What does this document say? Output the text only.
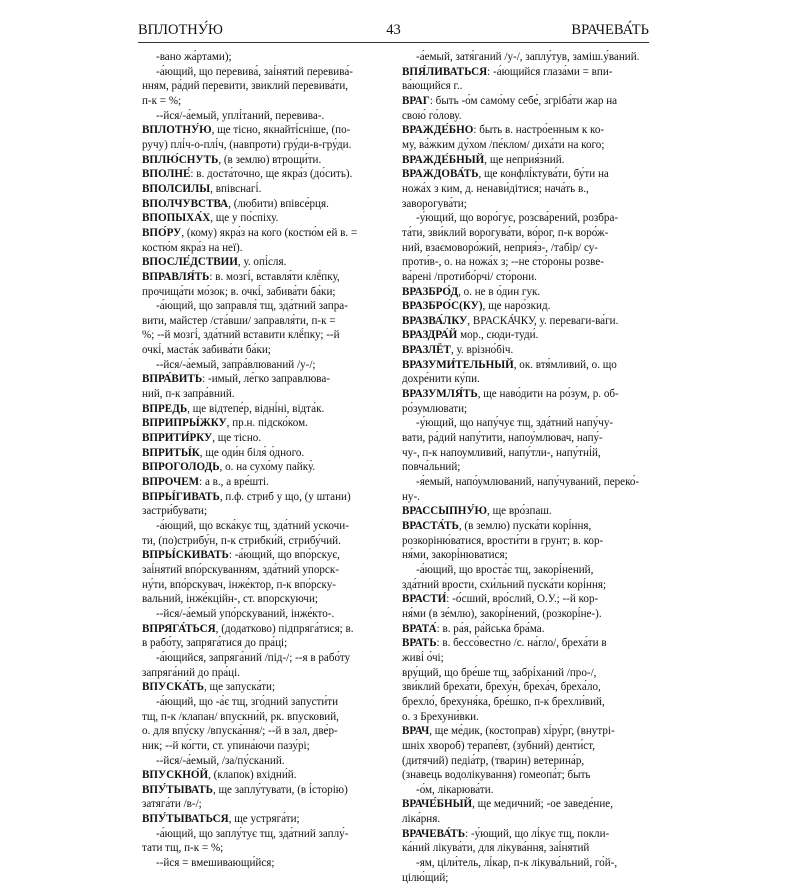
ВПЛОТНУ́Ю	43	ВРАЧЕВА́ТЬ
-вано жа́ртами);
-а́ющий, що перевива́, заі́нятий перевива́-
нням, ра́дий перевити, звиклий перевива́ти,
п-к = %;
--йся/-а́емый, уплі́таний, перевива-.
ВПЛОТНУ́Ю, ще тісно, якнайті́сніше, (по-
ручу) плі́ч-о-плі́ч, (навпроти) гру́ди-в-гру́ди.
ВПЛЮ́СНУТЬ, (в землю) втрощи́ти.
ВПОЛНЕ́: в. доста́точно, ще якра́з (до́сить).
ВПОЛСИЛЫ, впівснагі́.
ВПОЛЧУВСТВА, (любити) впівсе́рця.
ВПОПЫХА́Х, ще у по́спіху.
ВПО́РУ, (кому) якра́з на кого (костю́м ей в. =
костю́м якра́з на неї).
ВПОСЛЕ́ДСТВИИ, у. опі́сля.
ВПРАВЛЯ́ТЬ: в. мозгі́, вставля́ти клё́пку,
прочища́ти мо́зок; в. очкі́, забива́ти ба́ки;
-а́ющий, що заправля́ тщ, зда́тний запра-
вити, майстер /ста́вши/ заправля́ти, п-к =
%; --й мозгі́, зда́тний вставити клё́пку; --й
очкі́, маста́к забива́ти ба́ки;
--йся/-а́емый, запра́влюваний /у-/;
ВПРА́ВИТЬ: -имый, ле́гко заправлюва-
ний, п-к запра́вний.
ВПРЕДЬ, ще відтепе́р, відні́ні, відта́к.
ВПРИПРЫ́ЖКУ, пр.н. підско́ком.
ВПРИТИ́РКУ, ще тісно.
ВПРИТЫ́К, ще оди́н біля́ о́дного.
ВПРОГОЛОДЬ, о. на сухо́му пайку́.
ВПРОЧЕМ: а в., а вре́шті.
ВПРЫ́ГИВАТЬ, п.ф. стриб у що, (у штани)
застри́бувати;
-а́ющий, що вска́кує тщ, зда́тний ускочи-
ти, (по)стрибу́н, п-к стрибки́й, стрибу́чий.
ВПРЫ́СКИВАТЬ: -а́ющий, що впо́рскує,
заі́нятий впо́рскуванням, зда́тний упорск-
ну́ти, впо́рскувач, інже́ктор, п-к впо́рску-
вальний, інже́кційн-, ст. впорскуючи;
--йся/-а́емый упо́рскуваний, інже́кто-.
ВПРЯГА́ТЬСЯ, (додатково) підпряга́тися; в.
в рабо́ту, запряга́тися до пра́ці;
-а́ющийся, запряга́ний /під-/; --я в рабо́ту
запряга́ний до пра́ці.
ВПУСКА́ТЬ, ще запуска́ти;
-а́ющий, що -а́є тщ, зго́дний запусти́ти
тщ, п-к /клапан/ впускни́й, рк. впусковий,
о. для впу́ску /впуска́ння/; --й в зал, две́р-
ник; --й ко́гти, ст. упина́ючи пазу́рі;
--йся/-а́емый, /за/пу́сканий.
ВПУСКНО́Й, (клапок) вхідни́й.
ВПУ́ТЫВАТЬ, ще заплу́тувати, (в і́сторію)
затяга́ти /в-/;
ВПУ́ТЫВАТЬСЯ, ще устряга́ти;
-а́ющий, що заплу́тує тщ, зда́тний заплу́-
тати тщ, п-к = %;
--йся = вмешивающи́йся;
-а́емый, затя́ганий /у-/, заплу́тув, заміш.у́ваний.
ВПЯ́ЛИВАТЬСЯ: -а́ющийся глаза́ми = впи-
ва́ющийся г..
ВРАГ: быть -о́м само́му себе́, згріба́ти жар на
свою́ го́лову.
ВРАЖДЕ́БНО: быть в. настро́енным к ко-
му, ва́жким ду́хом /пе́клом/ диха́ти на кого;
ВРАЖДЕ́БНЫЙ, ще неприя́зний.
ВРАЖДОВА́ТЬ, ще конфлі́ктува́ти, бу́ти на
ножа́х з ким, д. ненави́дітися; нача́ть в.,
заворогува́ти;
-у́ющий, що воро́гує, розсва́рений, розбра-
та́ти, зви́клий ворогува́ти, во́рог, п-к воро́ж-
ний, взаємоворо́жий, неприя́з-, /табір/ су-
проти́в-, о. на ножа́х з; --не сто́роны розве-
ва́рені /протибо́рчі/ сто́рони.
ВРАЗБРО́Д, о. не в о́дин гук.
ВРАЗБРО́С(КУ), ще наро́зкид.
ВРАЗВА́ЛКУ, ВРАСКА́ЧКУ, у. переваги-ва́ги.
ВРАЗДРА́Й мор., сюди-туди́.
ВРАЗЛЁТ, у. врізно́біч.
ВРАЗУМИ́ТЕЛЬНЫЙ, ок. втя́мливий, о. що
дохре́нити ку́пи.
ВРАЗУМЛЯ́ТЬ, ще наво́дити на ро́зум, р. об-
ро́зумлювати;
-у́ющий, що напу́чує тщ, зда́тний напу́чу-
вати, ра́дий напу́тити, напоу́млювач, напу́-
чу-, п-к напоумливий, напу́тли-, напу́тні́й,
повча́льний;
-я́емый, напо́умлюваний, напу́чуваний, переко́-
ну-.
ВРАССЫПНУ́Ю, ще вро́зпаш.
ВРАСТА́ТЬ, (в землю) пуска́ти корі́ння,
розкоріню́ватися, врости́ти в грунт; в. кор-
ня́ми, закорі́нюватися;
-а́ющий, що вроста́є тщ, закорі́нений,
зда́тний врости, схи́льний пуска́ти корі́ння;
ВРАСТИ́: -о́сший, вро́слий, О.У.; --й кор-
ня́ми (в зе́млю), закорі́нений, (розкорі́не-).
ВРАТА́: в. ра́я, ра́йська бра́ма.
ВРАТЬ: в. бессо́вестно /с. на́гло/, бреха́ти в
живі́ о́чі;
вру́щий, що бре́ше тщ, забрі́ханий /про-/,
зви́клий бреха́ти, бреху́н, бреха́ч, бреха́ло,
брехло́, брехуня́ка, бре́шко, п-к брехли́вий,
о. з Брехуни́вки.
ВРАЧ, ще ме́дик, (костоправ) хі́ру́рг, (внутрі-
шніх хвороб) терапе́вт, (зубний) денти́ст,
(дитячий) педіа́тр, (тварин) ветерина́р,
(знавець водолікування) гомеопа́т; быть
-о́м, лікарюва́ти.
ВРАЧЕ́БНЫЙ, ще медичний; -ое заведе́ние,
ліка́рня.
ВРАЧЕВА́ТЬ: -у́ющий, що лі́кує тщ, покли-
ка́ний лікува́ти, для лікува́ння, заі́нятий
-ям, ціли́тель, лі́кар, п-к лікува́льний, го́й-,
цілю́щий;
